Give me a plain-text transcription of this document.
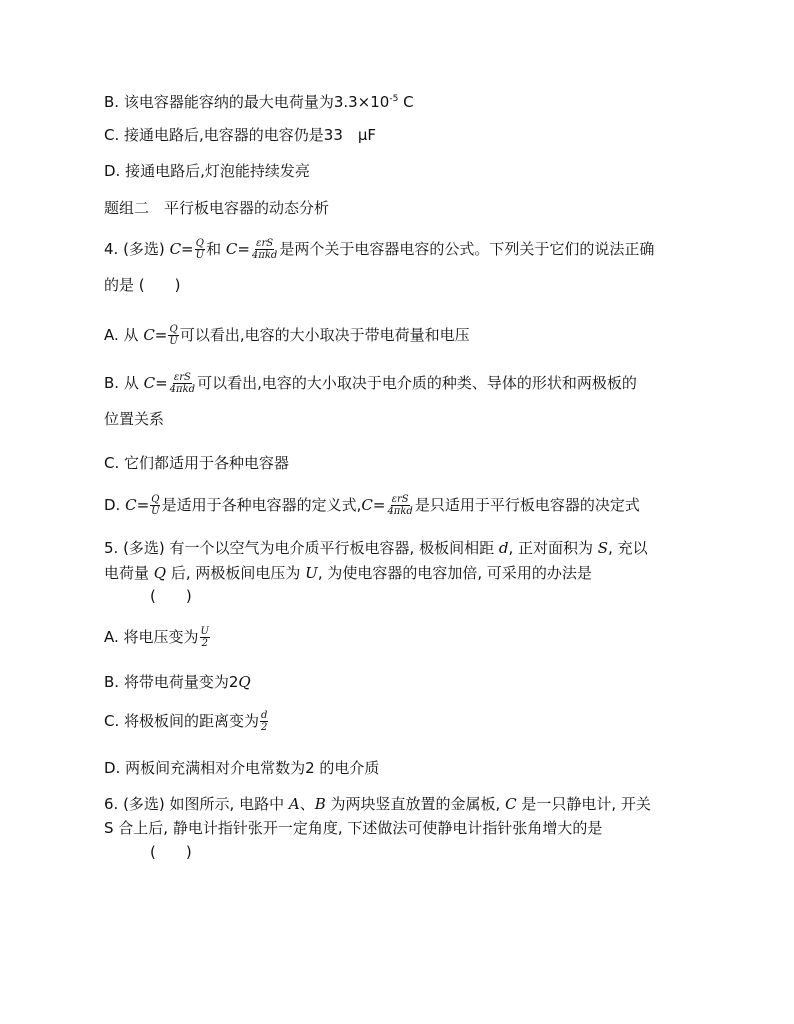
B. 该电容器能容纳的最大电荷量为$3.3\times 10^{-5}$ C
C. 接通电路后,电容器的电容仍是33　μF
D. 接通电路后,灯泡能持续发亮
题组二　平行板电容器的动态分析
4. (多选) $C= \frac{Q}{U}$ 和 $C= \frac{\text{εrS}}{\text{4πkd}}$ 是两个关于电容器电容的公式。下列关于它们的说法正确
的是 (　　)
A. 从 $C= \frac{Q}{U}$ 可以看出,电容的大小取决于带电荷量和电压
B. 从 $C= \frac{\text{εrS}}{\text{4πkd}}$ 可以看出,电容的大小取决于电介质的种类、导体的形状和两极板的
位置关系
C. 它们都适用于各种电容器
D. $C= \frac{Q}{U}$ 是适用于各种电容器的定义式$,C= \frac{\text{εrS}}{\text{4πkd}}$ 是只适用于平行板电容器的决定式
5. (多选) 有一个以空气为电介质平行板电容器, 极板间相距 d, 正对面积为 S, 充以
电荷量 Q 后, 两极板间电压为 U, 为使电容器的电容加倍, 可采用的办法是
(　　)
A. 将电压变为 $\frac{U}{2}$
B. 将带电荷量变为2Q
C. 将极板间的距离变为 $\frac{d}{2}$
D. 两板间充满相对介电常数为2 的电介质
6. (多选) 如图所示, 电路中 A、B 为两块竖直放置的金属板, C 是一只静电计, 开关
S 合上后, 静电计指针张开一定角度, 下述做法可使静电计指针张角增大的是
(　　)
